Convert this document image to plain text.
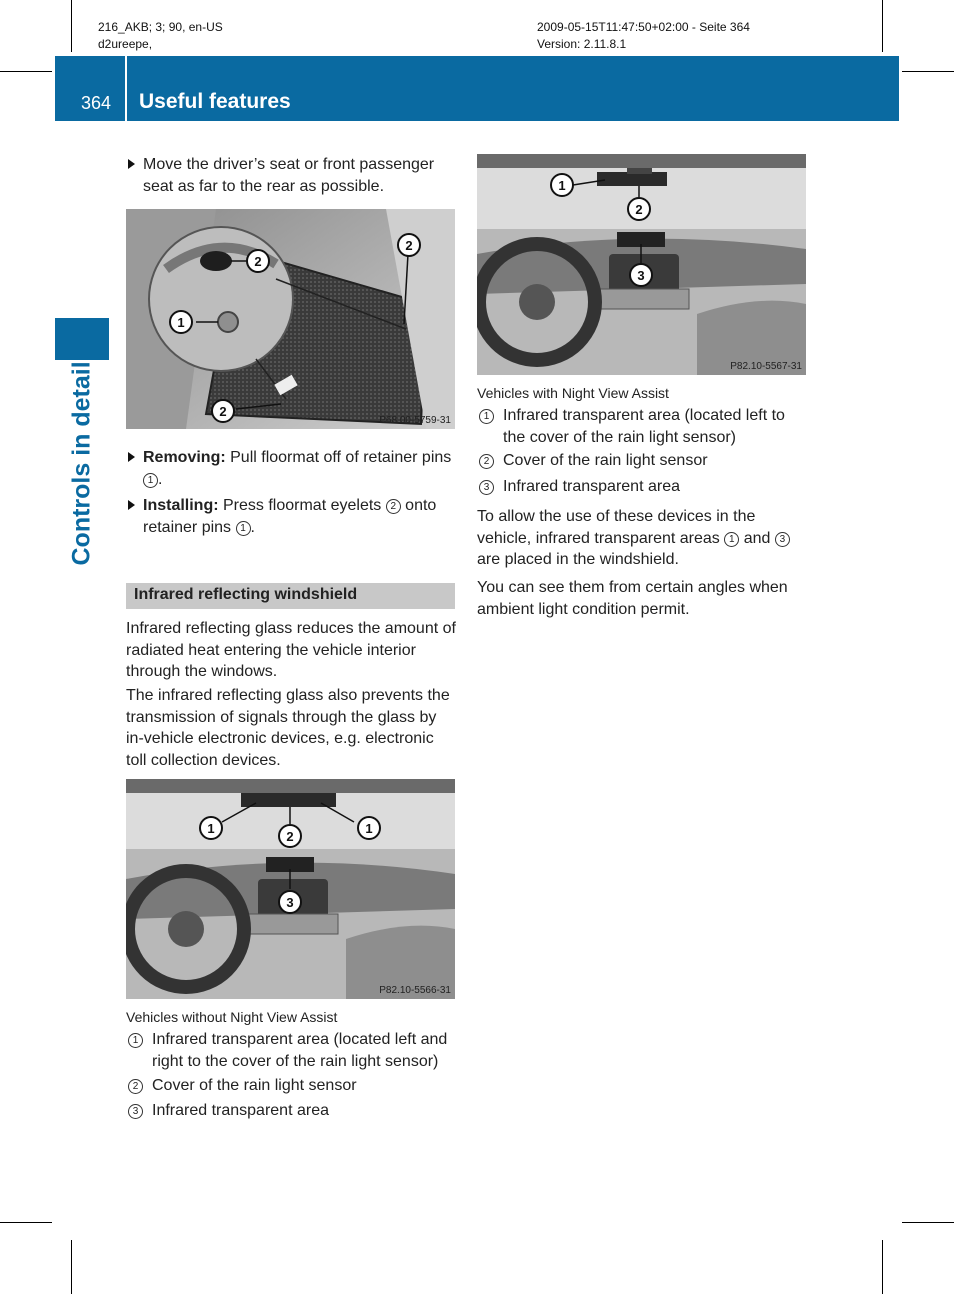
216_AKB; 3; 90, en-US
d2ureepe,
2009-05-15T11:47:50+02:00 - Seite 364
Version: 2.11.8.1
364	Useful features
Controls in detail
Move the driver’s seat or front passenger seat as far to the rear as possible.
2
1
2
2
P68.00-5759-31
Removing: Pull floormat off of retainer pins 1 .
Installing: Press floormat eyelets 2 onto retainer pins 1 .
Infrared reflecting windshield
Infrared reflecting glass reduces the amount of radiated heat entering the vehicle interior through the windows.
The infrared reflecting glass also prevents the transmission of signals through the glass by in-vehicle electronic devices, e.g. electronic toll collection devices.
1	1
2
3
P82.10-5566-31
Vehicles without Night View Assist
1 Infrared transparent area (located left and right to the cover of the rain light sensor)
2 Cover of the rain light sensor
3 Infrared transparent area
1
2
3
P82.10-5567-31
Vehicles with Night View Assist
1 Infrared transparent area (located left to the cover of the rain light sensor)
2 Cover of the rain light sensor
3 Infrared transparent area
To allow the use of these devices in the vehicle, infrared transparent areas 1 and 3 are placed in the windshield.
You can see them from certain angles when ambient light condition permit.
